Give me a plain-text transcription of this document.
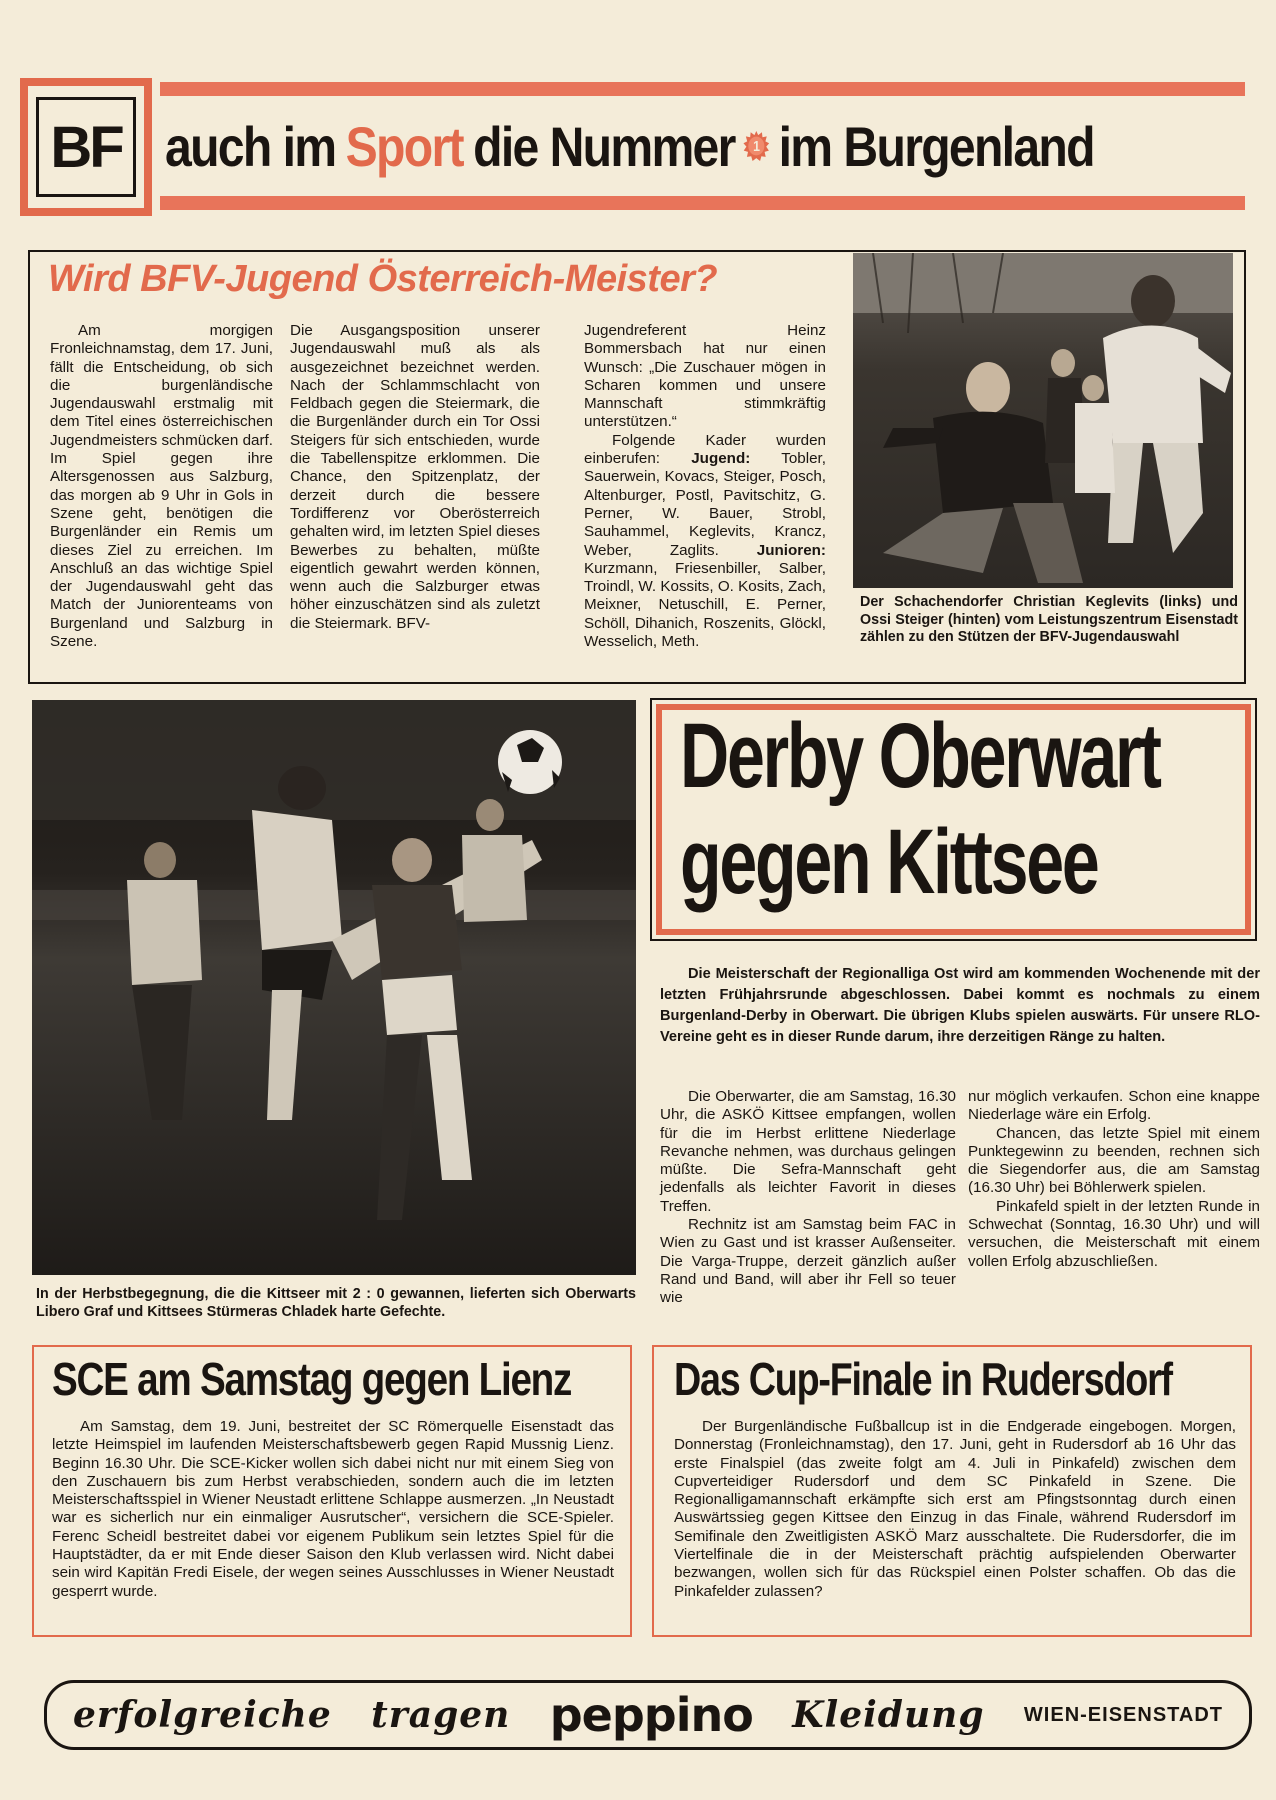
BF auch im Sport die Nummer 1 im Burgenland
Wird BFV-Jugend Österreich-Meister?

Am morgigen Fronleichnamstag, dem 17. Juni, fällt die Entscheidung, ob sich die burgenländische Jugendauswahl erstmalig mit dem Titel eines österreichischen Jugendmeisters schmücken darf. Im Spiel gegen ihre Altersgenossen aus Salzburg, das morgen ab 9 Uhr in Gols in Szene geht, benötigen die Burgenländer ein Remis um dieses Ziel zu erreichen. Im Anschluß an das wichtige Spiel der Jugendauswahl geht das Match der Juniorenteams von Burgenland und Salzburg in Szene.

Die Ausgangsposition unserer Jugendauswahl muß als als ausgezeichnet bezeichnet werden. Nach der Schlammschlacht von Feldbach gegen die Steiermark, die die Burgenländer durch ein Tor Ossi Steigers für sich entschieden, wurde die Tabellenspitze erklommen. Die Chance, den Spitzenplatz, der derzeit durch die bessere Tordifferenz vor Oberösterreich gehalten wird, im letzten Spiel dieses Bewerbes zu behalten, müßte eigentlich gewahrt werden können, wenn auch die Salzburger etwas höher einzuschätzen sind als zuletzt die Steiermark. BFV-

Jugendreferent Heinz Bommersbach hat nur einen Wunsch: „Die Zuschauer mögen in Scharen kommen und unsere Mannschaft stimmkräftig unterstützen.“

Folgende Kader wurden einberufen: Jugend: Tobler, Sauerwein, Kovacs, Steiger, Posch, Altenburger, Postl, Pavitschitz, G. Perner, W. Bauer, Strobl, Sauhammel, Keglevits, Krancz, Weber, Zaglits.	Junioren: Kurzmann, Friesenbiller, Salber, Troindl, W. Kossits, O. Kosits, Zach, Meixner, Netuschill, E. Perner, Schöll, Dihanich, Roszenits, Glöckl, Wesselich, Meth.

Der Schachendorfer Christian Keglevits (links) und Ossi Steiger (hinten) vom Leistungszentrum Eisenstadt zählen zu den Stützen der BFV-Jugendauswahl
In der Herbstbegegnung, die die Kittseer mit 2 : 0 gewannen, lieferten sich Oberwarts Libero Graf und Kittsees Stürmeras Chladek harte Gefechte.
Derby Oberwart
gegen Kittsee

Die Meisterschaft der Regionalliga Ost wird am kommenden Wochenende mit der letzten Frühjahrsrunde abgeschlossen. Dabei kommt es nochmals zu einem Burgenland-Derby in Oberwart. Die übrigen Klubs spielen auswärts. Für unsere RLO-Vereine geht es in dieser Runde darum, ihre derzeitigen Ränge zu halten.

Die Oberwarter, die am Samstag, 16.30 Uhr, die ASKÖ Kittsee empfangen, wollen für die im Herbst erlittene Niederlage Revanche nehmen, was durchaus gelingen müßte. Die Sefra-Mannschaft geht jedenfalls als leichter Favorit in dieses Treffen.

Rechnitz ist am Samstag beim FAC in Wien zu Gast und ist krasser Außenseiter. Die Varga-Truppe, derzeit gänzlich außer Rand und Band, will aber ihr Fell so teuer wie

nur möglich verkaufen. Schon eine knappe Niederlage wäre ein Erfolg.

Chancen, das letzte Spiel mit einem Punktegewinn zu beenden, rechnen sich die Siegendorfer aus, die am Samstag (16.30 Uhr) bei Böhlerwerk spielen.

Pinkafeld spielt in der letzten Runde in Schwechat (Sonntag, 16.30 Uhr) und will versuchen, die Meisterschaft mit einem vollen Erfolg abzuschließen.

SCE am Samstag gegen Lienz

Am Samstag, dem 19. Juni, bestreitet der SC Römerquelle Eisenstadt das letzte Heimspiel im laufenden Meisterschaftsbewerb gegen Rapid Mussnig Lienz. Beginn 16.30 Uhr. Die SCE-Kicker wollen sich dabei nicht nur mit einem Sieg von den Zuschauern bis zum Herbst verabschieden, sondern auch die im letzten Meisterschaftsspiel in Wiener Neustadt erlittene Schlappe ausmerzen. „In Neustadt war es sicherlich nur ein einmaliger Ausrutscher“, versichern die SCE-Spieler. Ferenc Scheidl bestreitet dabei vor eigenem Publikum sein letztes Spiel für die Hauptstädter, da er mit Ende dieser Saison den Klub verlassen wird. Nicht dabei sein wird Kapitän Fredi Eisele, der wegen seines Ausschlusses in Wiener Neustadt gesperrt wurde.

Das Cup-Finale in Rudersdorf

Der Burgenländische Fußballcup ist in die Endgerade eingebogen. Morgen, Donnerstag (Fronleichnamstag), den 17. Juni, geht in Rudersdorf ab 16 Uhr das erste Finalspiel (das zweite folgt am 4. Juli in Pinkafeld) zwischen dem Cupverteidiger Rudersdorf und dem SC Pinkafeld in Szene. Die Regionalligamannschaft erkämpfte sich erst am Pfingstsonntag durch einen Auswärtssieg gegen Kittsee den Einzug in das Finale, während Rudersdorf im Semifinale den Zweitligisten ASKÖ Marz ausschaltete. Die Rudersdorfer, die im Viertelfinale die in der Meisterschaft prächtig aufspielenden Oberwarter bezwangen, wollen sich für das Rückspiel einen Polster schaffen. Ob das die Pinkafelder zulassen?

erfolgreiche tragen peppino Kleidung WIEN-EISENSTADT
